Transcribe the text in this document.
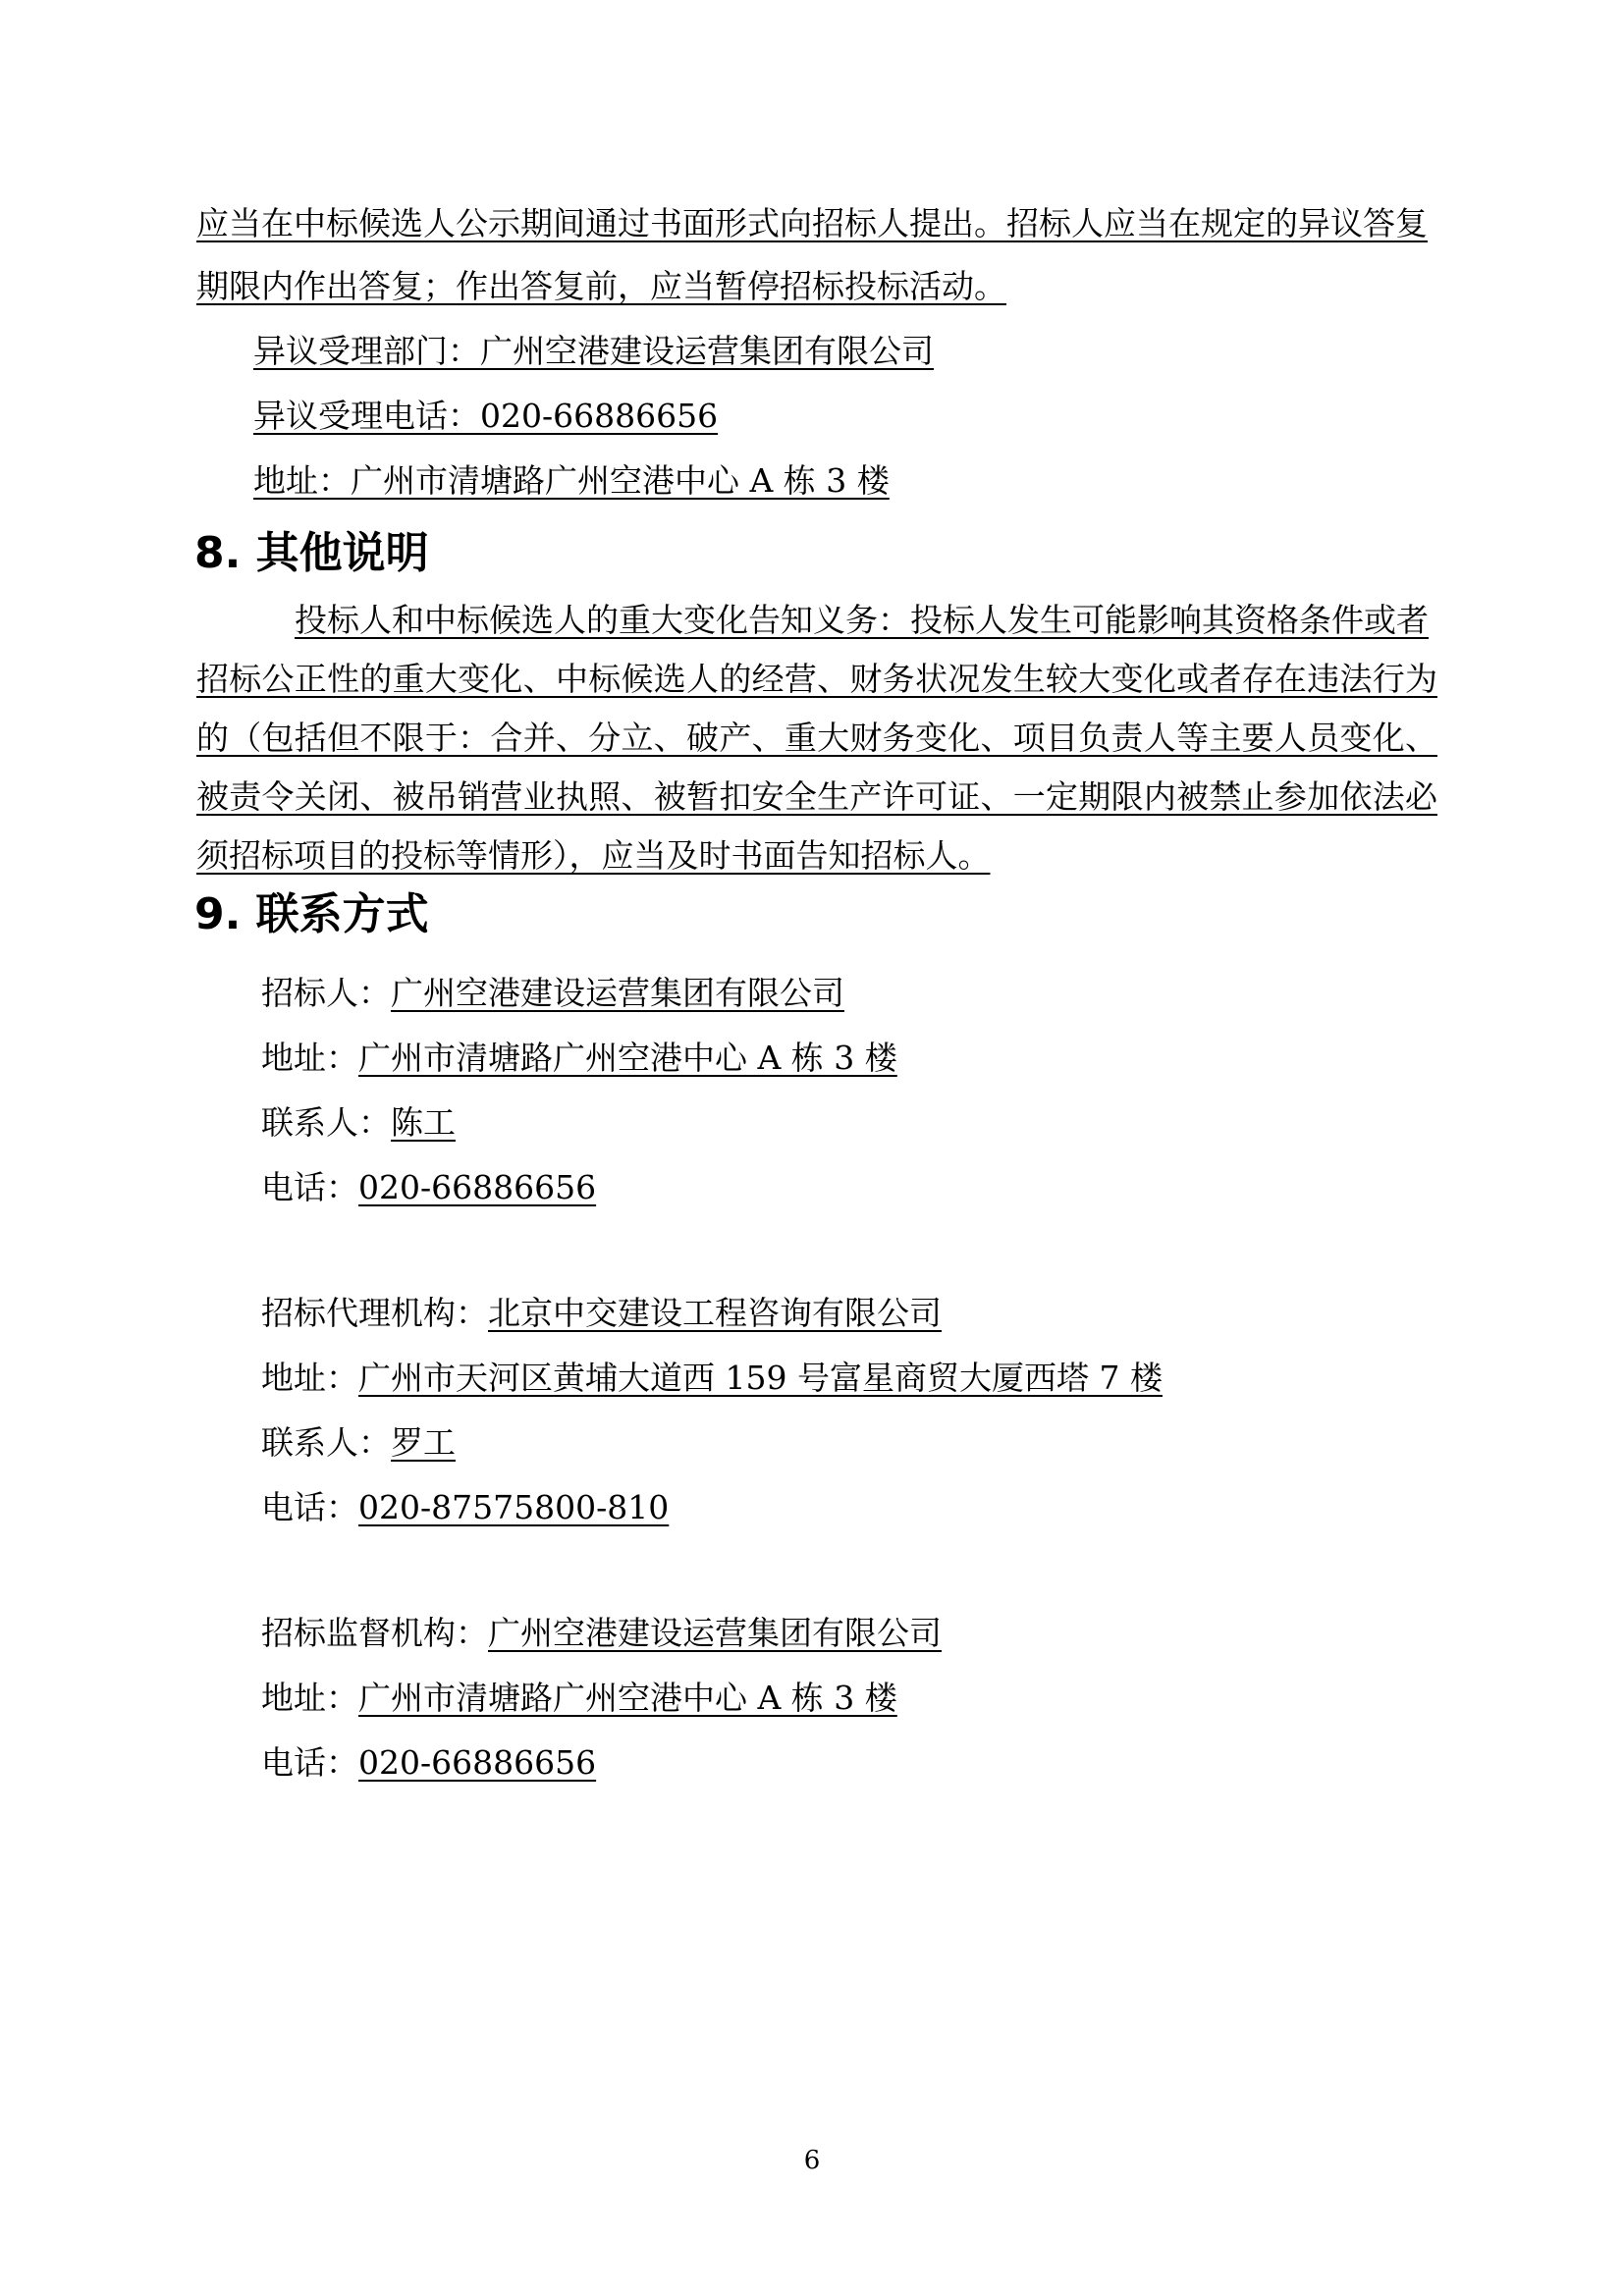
应当在中标候选人公示期间通过书面形式向招标人提出。招标人应当在规定的异议答复
期限内作出答复；作出答复前，应当暂停招标投标活动。
异议受理部门：广州空港建设运营集团有限公司
异议受理电话：020-66886656
地址：广州市清塘路广州空港中心 A 栋 3 楼
8. 其他说明
投标人和中标候选人的重大变化告知义务：投标人发生可能影响其资格条件或者
招标公正性的重大变化、中标候选人的经营、财务状况发生较大变化或者存在违法行为
的（包括但不限于：合并、分立、破产、重大财务变化、项目负责人等主要人员变化、
被责令关闭、被吊销营业执照、被暂扣安全生产许可证、一定期限内被禁止参加依法必
须招标项目的投标等情形），应当及时书面告知招标人。
9. 联系方式
招标人：广州空港建设运营集团有限公司
地址：广州市清塘路广州空港中心 A 栋 3 楼
联系人：陈工
电话：020-66886656
招标代理机构：北京中交建设工程咨询有限公司
地址：广州市天河区黄埔大道西 159 号富星商贸大厦西塔 7 楼
联系人：罗工
电话：020-87575800-810
招标监督机构：广州空港建设运营集团有限公司
地址：广州市清塘路广州空港中心 A 栋 3 楼
电话：020-66886656
6
